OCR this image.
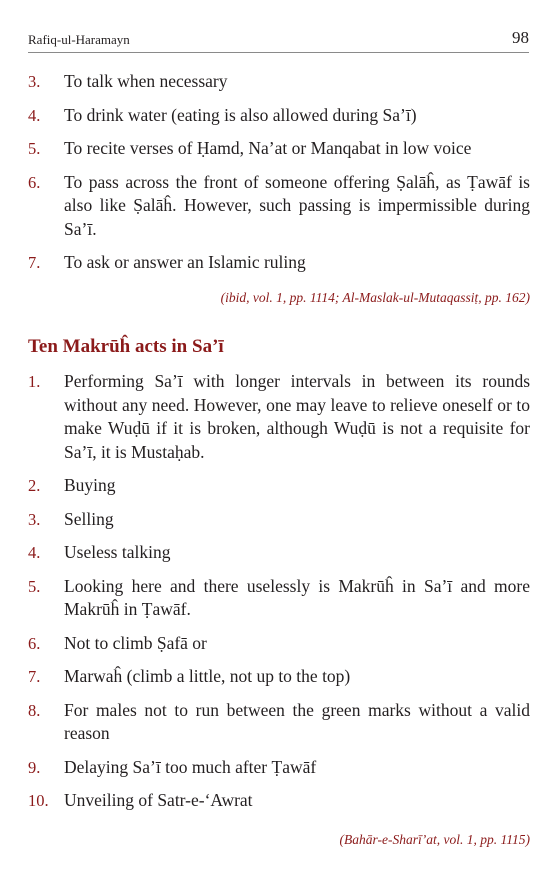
Rafiq-ul-Haramayn	98
3. To talk when necessary
4. To drink water (eating is also allowed during Sa’ī)
5. To recite verses of Ḥamd, Na’at or Manqabat in low voice
6. To pass across the front of someone offering Ṣalāĥ, as Ṭawāf is also like Ṣalāĥ. However, such passing is impermissible during Sa’ī.
7. To ask or answer an Islamic ruling
(ibid, vol. 1, pp. 1114; Al-Maslak-ul-Mutaqassiṭ, pp. 162)
Ten Makrūĥ acts in Sa’ī
1. Performing Sa’ī with longer intervals in between its rounds without any need. However, one may leave to relieve oneself or to make Wuḍū if it is broken, although Wuḍū is not a requisite for Sa’ī, it is Mustaḥab.
2. Buying
3. Selling
4. Useless talking
5. Looking here and there uselessly is Makrūĥ in Sa’ī and more Makrūĥ in Ṭawāf.
6. Not to climb Ṣafā or
7. Marwaĥ (climb a little, not up to the top)
8. For males not to run between the green marks without a valid reason
9. Delaying Sa’ī too much after Ṭawāf
10. Unveiling of Satr-e-‘Awrat
(Bahār-e-Sharī’at, vol. 1, pp. 1115)
